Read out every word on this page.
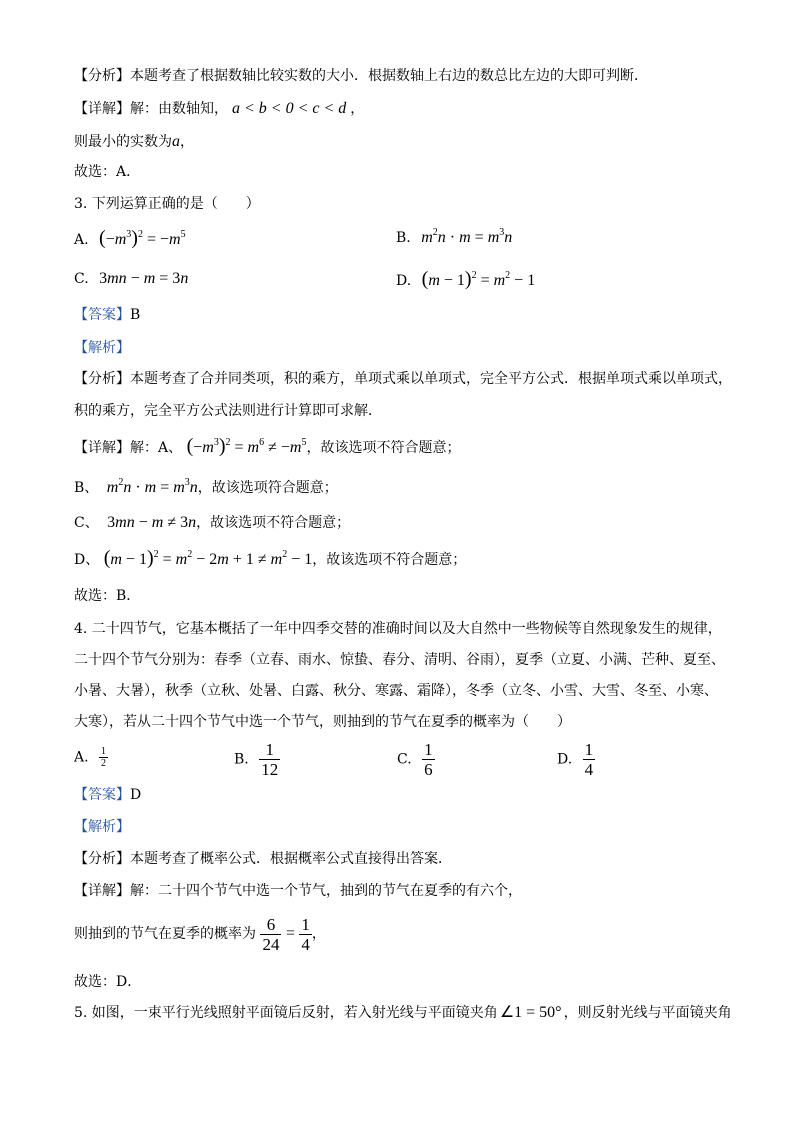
【分析】本题考查了根据数轴比较实数的大小．根据数轴上右边的数总比左边的大即可判断．
【详解】解：由数轴知， a < b < 0 < c < d ，
则最小的实数为a，
故选：A．
3. 下列运算正确的是（　　）
A. $(-m^3)^2 = -m^5$	B. $m^2n \cdot m = m^3n$
C. 3mn − m = 3n	D. $(m - 1)^2 = m^2 - 1$
【答案】B
【解析】
【分析】本题考查了合并同类项，积的乘方，单项式乘以单项式，完全平方公式．根据单项式乘以单项式，
积的乘方，完全平方公式法则进行计算即可求解．
【详解】解：A、 $(-m^3)^2 = m^6 \ne -m^5$，故该选项不符合题意；
B、 $m^2n \cdot m = m^3n$，故该选项符合题意；
C、 3mn − m ≠ 3n，故该选项不符合题意；
D、 $(m - 1)^2 = m^2 - 2m + 1 \ne m^2 - 1$，故该选项不符合题意；
故选：B．
4. 二十四节气，它基本概括了一年中四季交替的准确时间以及大自然中一些物候等自然现象发生的规律，
二十四个节气分别为：春季（立春、雨水、惊蛰、春分、清明、谷雨），夏季（立夏、小满、芒种、夏至、
小暑、大暑），秋季（立秋、处暑、白露、秋分、寒露、霜降），冬季（立冬、小雪、大雪、冬至、小寒、
大寒），若从二十四个节气中选一个节气，则抽到的节气在夏季的概率为（　　）
A. $\frac{1}{2}$	B. $\frac{1}{12}$	C. $\frac{1}{6}$	D. $\frac{1}{4}$
【答案】D
【解析】
【分析】本题考查了概率公式．根据概率公式直接得出答案．
【详解】解：二十四个节气中选一个节气，抽到的节气在夏季的有六个，
则抽到的节气在夏季的概率为 $\frac{6}{24} = \frac{1}{4}$ ，
故选：D．
5. 如图，一束平行光线照射平面镜后反射，若入射光线与平面镜夹角 ∠1 = 50° ，则反射光线与平面镜夹角
